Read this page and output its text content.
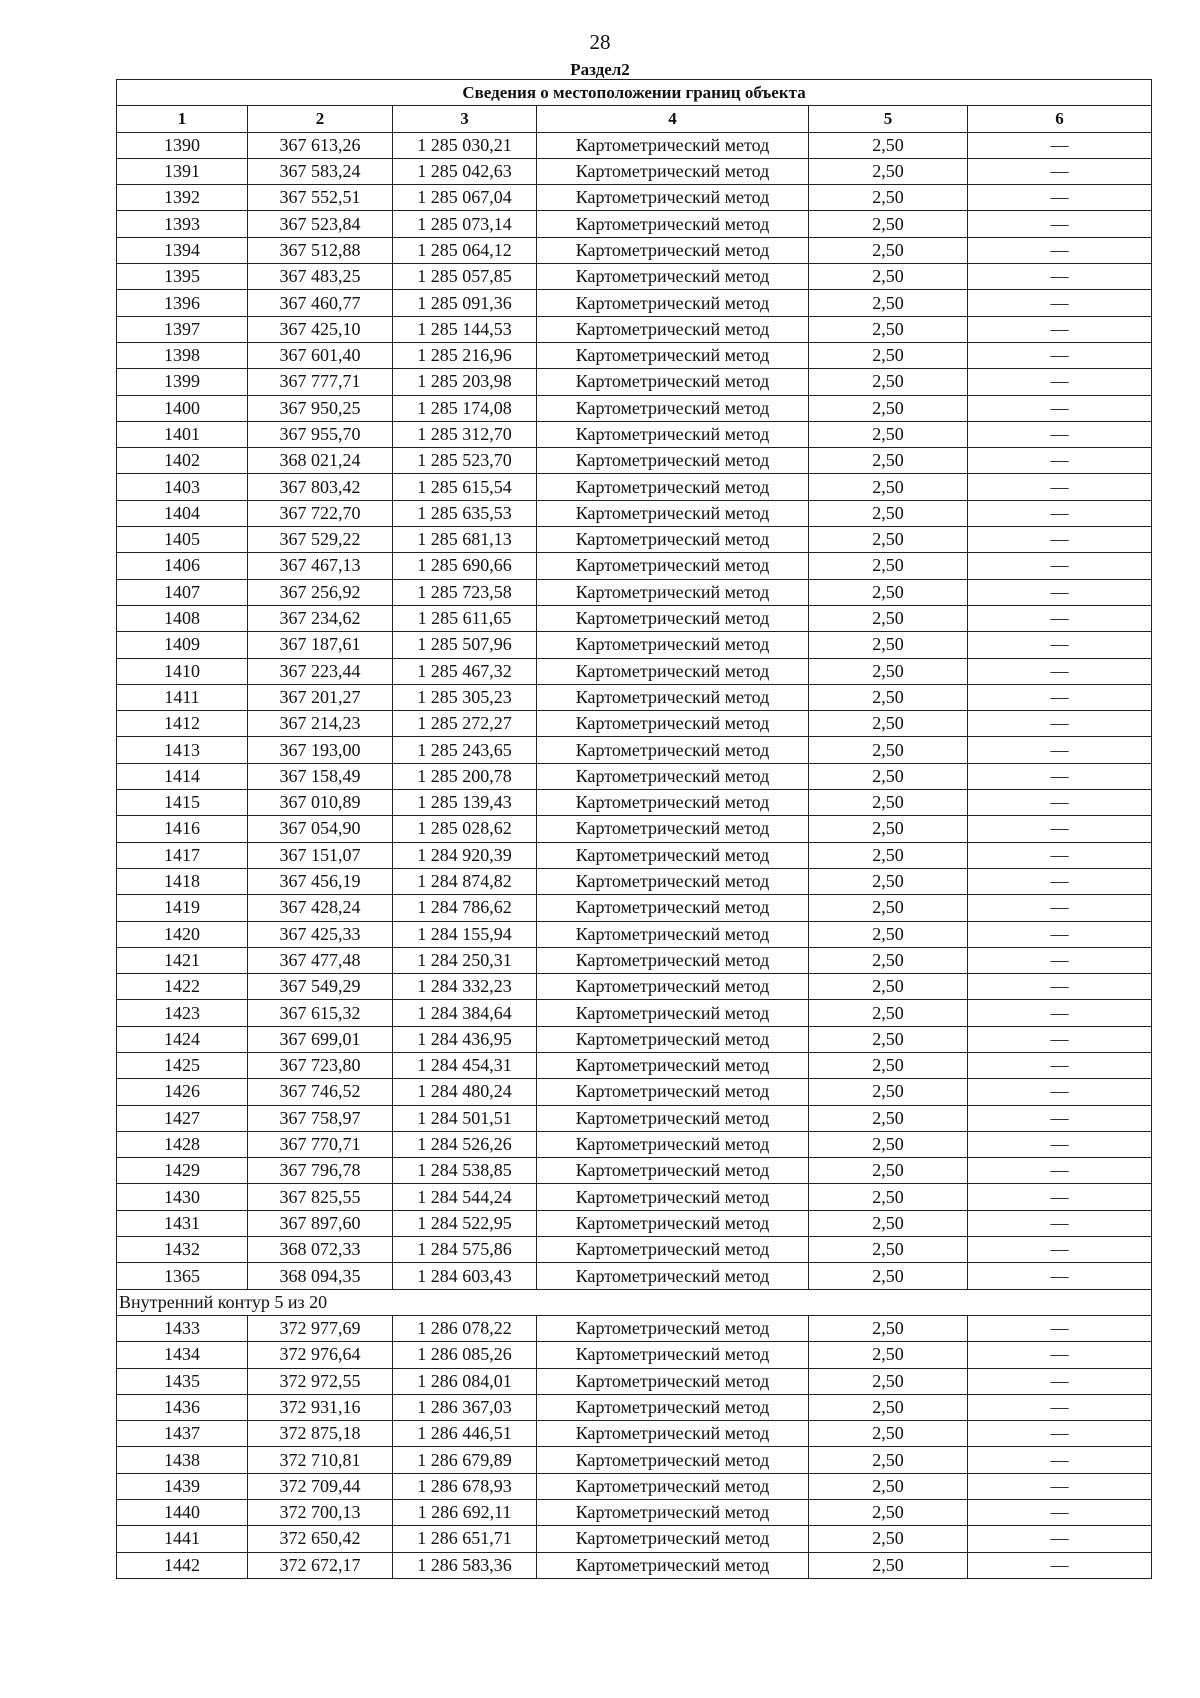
28
Раздел2
Сведения о местоположении границ объекта					
1	2	3	4	5	6
1390	367 613,26	1 285 030,21	Картометрический метод	2,50	—
1391	367 583,24	1 285 042,63	Картометрический метод	2,50	—
1392	367 552,51	1 285 067,04	Картометрический метод	2,50	—
1393	367 523,84	1 285 073,14	Картометрический метод	2,50	—
1394	367 512,88	1 285 064,12	Картометрический метод	2,50	—
1395	367 483,25	1 285 057,85	Картометрический метод	2,50	—
1396	367 460,77	1 285 091,36	Картометрический метод	2,50	—
1397	367 425,10	1 285 144,53	Картометрический метод	2,50	—
1398	367 601,40	1 285 216,96	Картометрический метод	2,50	—
1399	367 777,71	1 285 203,98	Картометрический метод	2,50	—
1400	367 950,25	1 285 174,08	Картометрический метод	2,50	—
1401	367 955,70	1 285 312,70	Картометрический метод	2,50	—
1402	368 021,24	1 285 523,70	Картометрический метод	2,50	—
1403	367 803,42	1 285 615,54	Картометрический метод	2,50	—
1404	367 722,70	1 285 635,53	Картометрический метод	2,50	—
1405	367 529,22	1 285 681,13	Картометрический метод	2,50	—
1406	367 467,13	1 285 690,66	Картометрический метод	2,50	—
1407	367 256,92	1 285 723,58	Картометрический метод	2,50	—
1408	367 234,62	1 285 611,65	Картометрический метод	2,50	—
1409	367 187,61	1 285 507,96	Картометрический метод	2,50	—
1410	367 223,44	1 285 467,32	Картометрический метод	2,50	—
1411	367 201,27	1 285 305,23	Картометрический метод	2,50	—
1412	367 214,23	1 285 272,27	Картометрический метод	2,50	—
1413	367 193,00	1 285 243,65	Картометрический метод	2,50	—
1414	367 158,49	1 285 200,78	Картометрический метод	2,50	—
1415	367 010,89	1 285 139,43	Картометрический метод	2,50	—
1416	367 054,90	1 285 028,62	Картометрический метод	2,50	—
1417	367 151,07	1 284 920,39	Картометрический метод	2,50	—
1418	367 456,19	1 284 874,82	Картометрический метод	2,50	—
1419	367 428,24	1 284 786,62	Картометрический метод	2,50	—
1420	367 425,33	1 284 155,94	Картометрический метод	2,50	—
1421	367 477,48	1 284 250,31	Картометрический метод	2,50	—
1422	367 549,29	1 284 332,23	Картометрический метод	2,50	—
1423	367 615,32	1 284 384,64	Картометрический метод	2,50	—
1424	367 699,01	1 284 436,95	Картометрический метод	2,50	—
1425	367 723,80	1 284 454,31	Картометрический метод	2,50	—
1426	367 746,52	1 284 480,24	Картометрический метод	2,50	—
1427	367 758,97	1 284 501,51	Картометрический метод	2,50	—
1428	367 770,71	1 284 526,26	Картометрический метод	2,50	—
1429	367 796,78	1 284 538,85	Картометрический метод	2,50	—
1430	367 825,55	1 284 544,24	Картометрический метод	2,50	—
1431	367 897,60	1 284 522,95	Картометрический метод	2,50	—
1432	368 072,33	1 284 575,86	Картометрический метод	2,50	—
1365	368 094,35	1 284 603,43	Картометрический метод	2,50	—
Внутренний контур 5 из 20					
1433	372 977,69	1 286 078,22	Картометрический метод	2,50	—
1434	372 976,64	1 286 085,26	Картометрический метод	2,50	—
1435	372 972,55	1 286 084,01	Картометрический метод	2,50	—
1436	372 931,16	1 286 367,03	Картометрический метод	2,50	—
1437	372 875,18	1 286 446,51	Картометрический метод	2,50	—
1438	372 710,81	1 286 679,89	Картометрический метод	2,50	—
1439	372 709,44	1 286 678,93	Картометрический метод	2,50	—
1440	372 700,13	1 286 692,11	Картометрический метод	2,50	—
1441	372 650,42	1 286 651,71	Картометрический метод	2,50	—
1442	372 672,17	1 286 583,36	Картометрический метод	2,50	—
